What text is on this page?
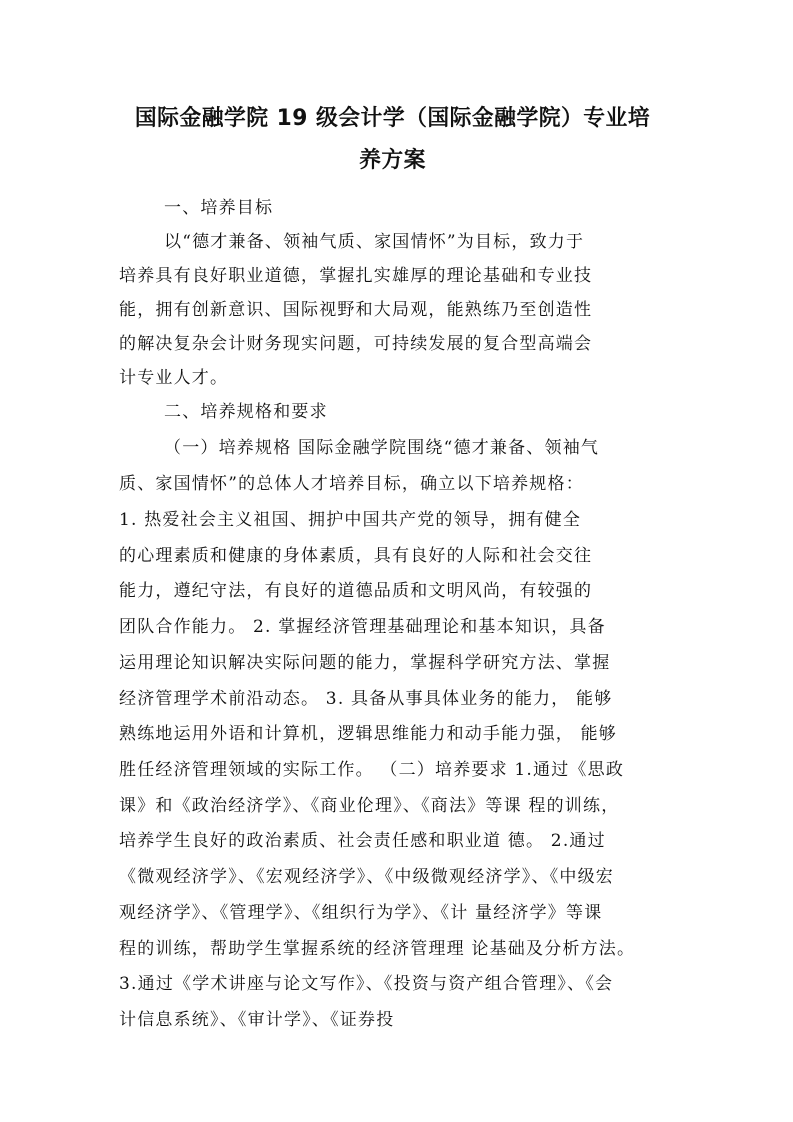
国际金融学院 19 级会计学（国际金融学院）专业培
养方案
一、培养目标
以“德才兼备、领袖气质、家国情怀”为目标，致力于
培养具有良好职业道德，掌握扎实雄厚的理论基础和专业技
能，拥有创新意识、国际视野和大局观，能熟练乃至创造性
的解决复杂会计财务现实问题，可持续发展的复合型高端会
计专业人才。
二、培养规格和要求
（一）培养规格 国际金融学院围绕“德才兼备、领袖气
质、家国情怀”的总体人才培养目标，确立以下培养规格：
1. 热爱社会主义祖国、拥护中国共产党的领导，拥有健全
的心理素质和健康的身体素质，具有良好的人际和社会交往
能力，遵纪守法，有良好的道德品质和文明风尚，有较强的
团队合作能力。 2. 掌握经济管理基础理论和基本知识，具备
运用理论知识解决实际问题的能力，掌握科学研究方法、掌握
经济管理学术前沿动态。 3. 具备从事具体业务的能力， 能够
熟练地运用外语和计算机，逻辑思维能力和动手能力强， 能够
胜任经济管理领域的实际工作。 （二）培养要求 1.通过《思政
课》和《政治经济学》、《商业伦理》、《商法》等课 程的训练，
培养学生良好的政治素质、社会责任感和职业道 德。 2.通过
《微观经济学》、《宏观经济学》、《中级微观经济学》、《中级宏
观经济学》、《管理学》、《组织行为学》、《计 量经济学》等课
程的训练，帮助学生掌握系统的经济管理理 论基础及分析方法。
3.通过《学术讲座与论文写作》、《投资与资产组合管理》、《会
计信息系统》、《审计学》、《证券投
